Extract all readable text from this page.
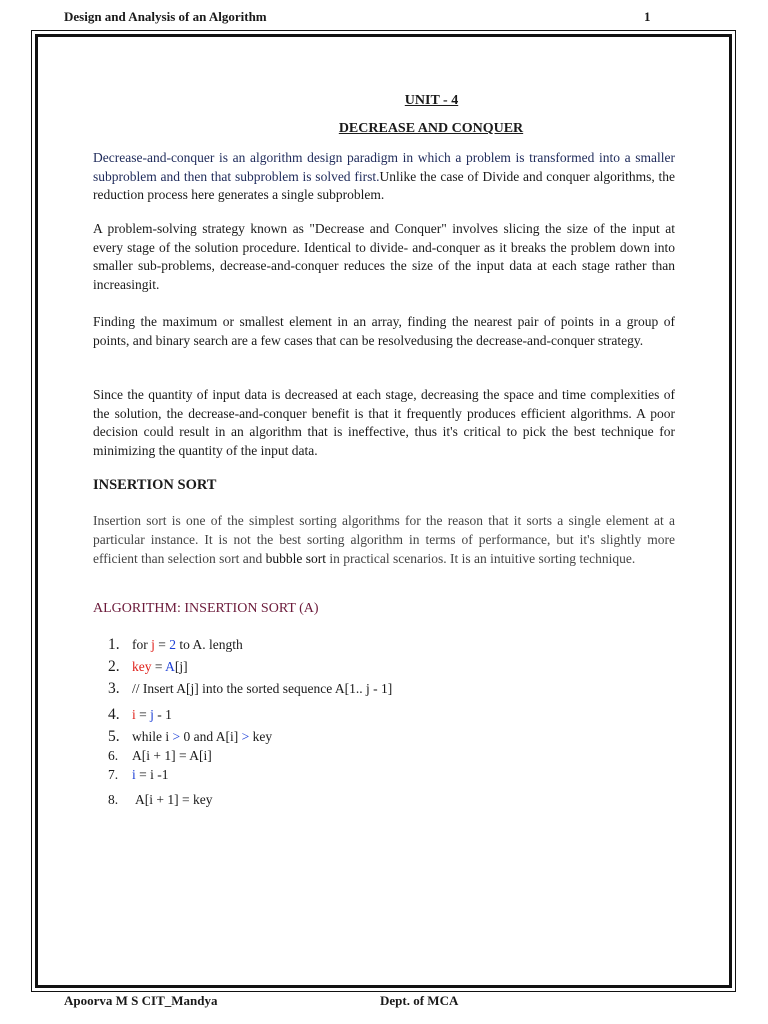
Design and Analysis of an Algorithm	1
UNIT - 4
DECREASE AND CONQUER
Decrease-and-conquer is an algorithm design paradigm in which a problem is transformed into a smaller subproblem and then that subproblem is solved first.Unlike the case of Divide and conquer algorithms, the reduction process here generates a single subproblem.
A problem-solving strategy known as "Decrease and Conquer" involves slicing the size of the input at every stage of the solution procedure. Identical to divide- and-conquer as it breaks the problem down into smaller sub-problems, decrease-and-conquer reduces the size of the input data at each stage rather than increasingit.
Finding the maximum or smallest element in an array, finding the nearest pair of points in a group of points, and binary search are a few cases that can be resolvedusing the decrease-and-conquer strategy.
Since the quantity of input data is decreased at each stage, decreasing the space and time complexities of the solution, the decrease-and-conquer benefit is that it frequently produces efficient algorithms. A poor decision could result in an algorithm that is ineffective, thus it's critical to pick the best technique for minimizing the quantity of the input data.
INSERTION SORT
Insertion sort is one of the simplest sorting algorithms for the reason that it sorts a single element at a particular instance. It is not the best sorting algorithm in terms of performance, but it's slightly more efficient than selection sort and bubble sort in practical scenarios. It is an intuitive sorting technique.
ALGORITHM: INSERTION SORT (A)
1. for j = 2 to A. length
2. key = A[j]
3. // Insert A[j] into the sorted sequence A[1.. j - 1]
4. i = j - 1
5. while i > 0 and A[i] > key
6. A[i + 1] = A[i]
7. i = i -1
8. A[i + 1] = key
Apoorva M S CIT_Mandya	Dept. of MCA
